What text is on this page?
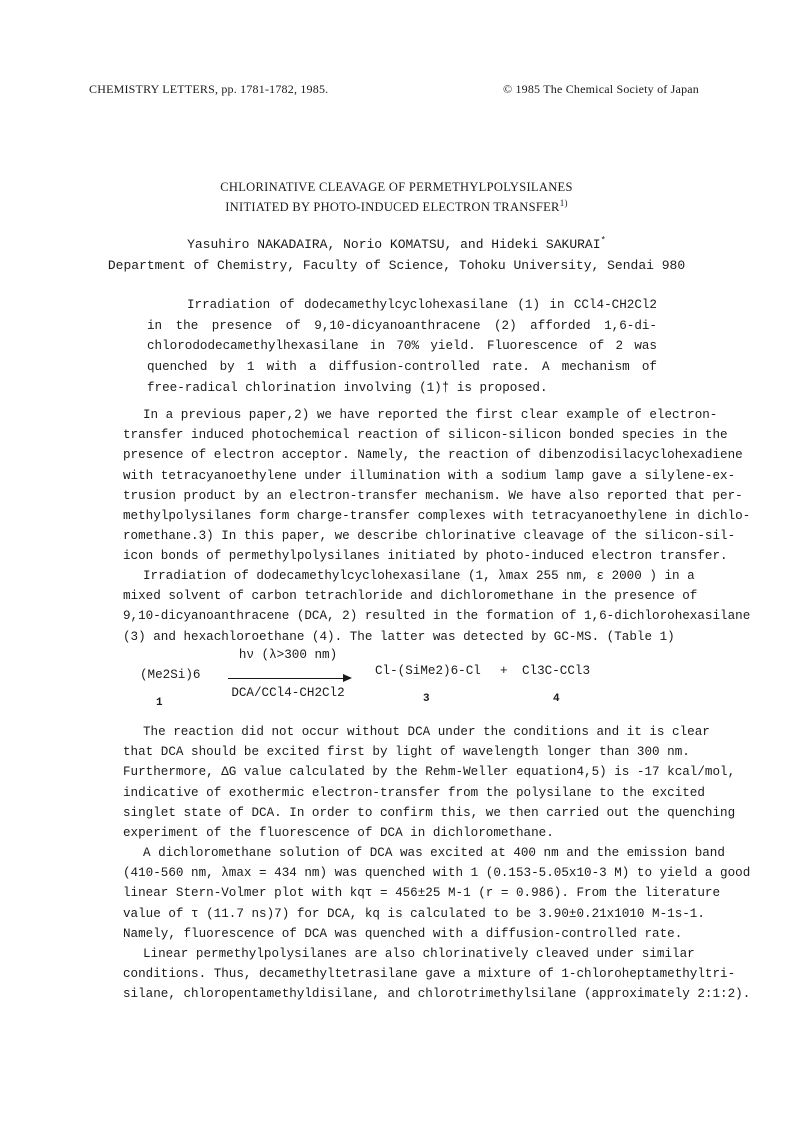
CHEMISTRY LETTERS, pp. 1781-1782, 1985.	© 1985 The Chemical Society of Japan
CHLORINATIVE CLEAVAGE OF PERMETHYLPOLYSILANES
INITIATED BY PHOTO-INDUCED ELECTRON TRANSFER$^{1)}$
Yasuhiro NAKADAIRA, Norio KOMATSU, and Hideki SAKURAI*
Department of Chemistry, Faculty of Science, Tohoku University, Sendai 980
Irradiation of dodecamethylcyclohexasilane (1) in CCl4-CH2Cl2
in the presence of 9,10-dicyanoanthracene (2) afforded 1,6-di-
chlorododecamethylhexasilane in 70% yield. Fluorescence of 2 was
quenched by 1 with a diffusion-controlled rate. A mechanism of
free-radical chlorination involving (1)† is proposed.
In a previous paper,2) we have reported the first clear example of electron-
transfer induced photochemical reaction of silicon-silicon bonded species in the
presence of electron acceptor. Namely, the reaction of dibenzodisilacyclohexadiene
with tetracyanoethylene under illumination with a sodium lamp gave a silylene-ex-
trusion product by an electron-transfer mechanism. We have also reported that per-
methylpolysilanes form charge-transfer complexes with tetracyanoethylene in dichlo-
romethane.3) In this paper, we describe chlorinative cleavage of the silicon-sil-
icon bonds of permethylpolysilanes initiated by photo-induced electron transfer.
Irradiation of dodecamethylcyclohexasilane (1, λmax 255 nm, ε 2000 ) in a
mixed solvent of carbon tetrachloride and dichloromethane in the presence of
9,10-dicyanoanthracene (DCA, 2) resulted in the formation of 1,6-dichlorohexasilane
(3) and hexachloroethane (4). The latter was detected by GC-MS. (Table 1)
hν (λ>300 nm)
DCA/CCl4-CH2Cl2
(Me2Si)6
1
Cl-(SiMe2)6-Cl
3
+ Cl3C-CCl3
4
The reaction did not occur without DCA under the conditions and it is clear
that DCA should be excited first by light of wavelength longer than 300 nm.
Furthermore, ΔG value calculated by the Rehm-Weller equation4,5) is -17 kcal/mol,
indicative of exothermic electron-transfer from the polysilane to the excited
singlet state of DCA. In order to confirm this, we then carried out the quenching
experiment of the fluorescence of DCA in dichloromethane.
A dichloromethane solution of DCA was excited at 400 nm and the emission band
(410-560 nm, λmax = 434 nm) was quenched with 1 (0.153-5.05x10-3 M) to yield a good
linear Stern-Volmer plot with kqτ = 456±25 M-1 (r = 0.986). From the literature
value of τ (11.7 ns)7) for DCA, kq is calculated to be 3.90±0.21x1010 M-1s-1.
Namely, fluorescence of DCA was quenched with a diffusion-controlled rate.
Linear permethylpolysilanes are also chlorinatively cleaved under similar
conditions. Thus, decamethyltetrasilane gave a mixture of 1-chloroheptamethyltri-
silane, chloropentamethyldisilane, and chlorotrimethylsilane (approximately 2:1:2).
